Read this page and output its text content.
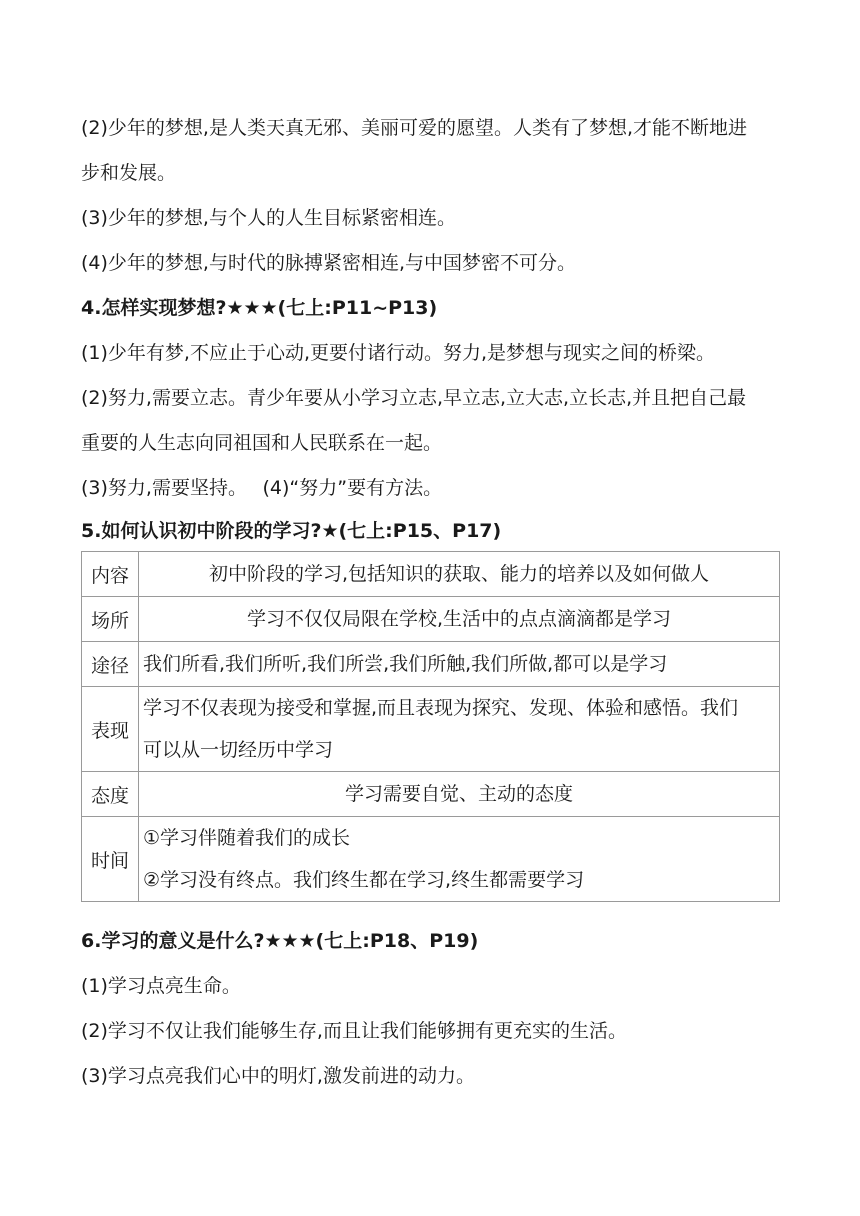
(2)少年的梦想,是人类天真无邪、美丽可爱的愿望。人类有了梦想,才能不断地进
步和发展。
(3)少年的梦想,与个人的人生目标紧密相连。
(4)少年的梦想,与时代的脉搏紧密相连,与中国梦密不可分。
4.怎样实现梦想?★★★(七上:P11~P13)
(1)少年有梦,不应止于心动,更要付诸行动。努力,是梦想与现实之间的桥梁。
(2)努力,需要立志。青少年要从小学习立志,早立志,立大志,立长志,并且把自己最
重要的人生志向同祖国和人民联系在一起。
(3)努力,需要坚持。　 (4)“努力”要有方法。
5.如何认识初中阶段的学习?★(七上:P15、P17)
内容	初中阶段的学习,包括知识的获取、能力的培养以及如何做人

场所	学习不仅仅局限在学校,生活中的点点滴滴都是学习

途径	我们所看,我们所听,我们所尝,我们所触,我们所做,都可以是学习

表现	学习不仅表现为接受和掌握,而且表现为探究、发现、体验和感悟。我们
可以从一切经历中学习

态度	学习需要自觉、主动的态度

时间	①学习伴随着我们的成长
②学习没有终点。我们终生都在学习,终生都需要学习
6.学习的意义是什么?★★★(七上:P18、P19)
(1)学习点亮生命。
(2)学习不仅让我们能够生存,而且让我们能够拥有更充实的生活。
(3)学习点亮我们心中的明灯,激发前进的动力。
